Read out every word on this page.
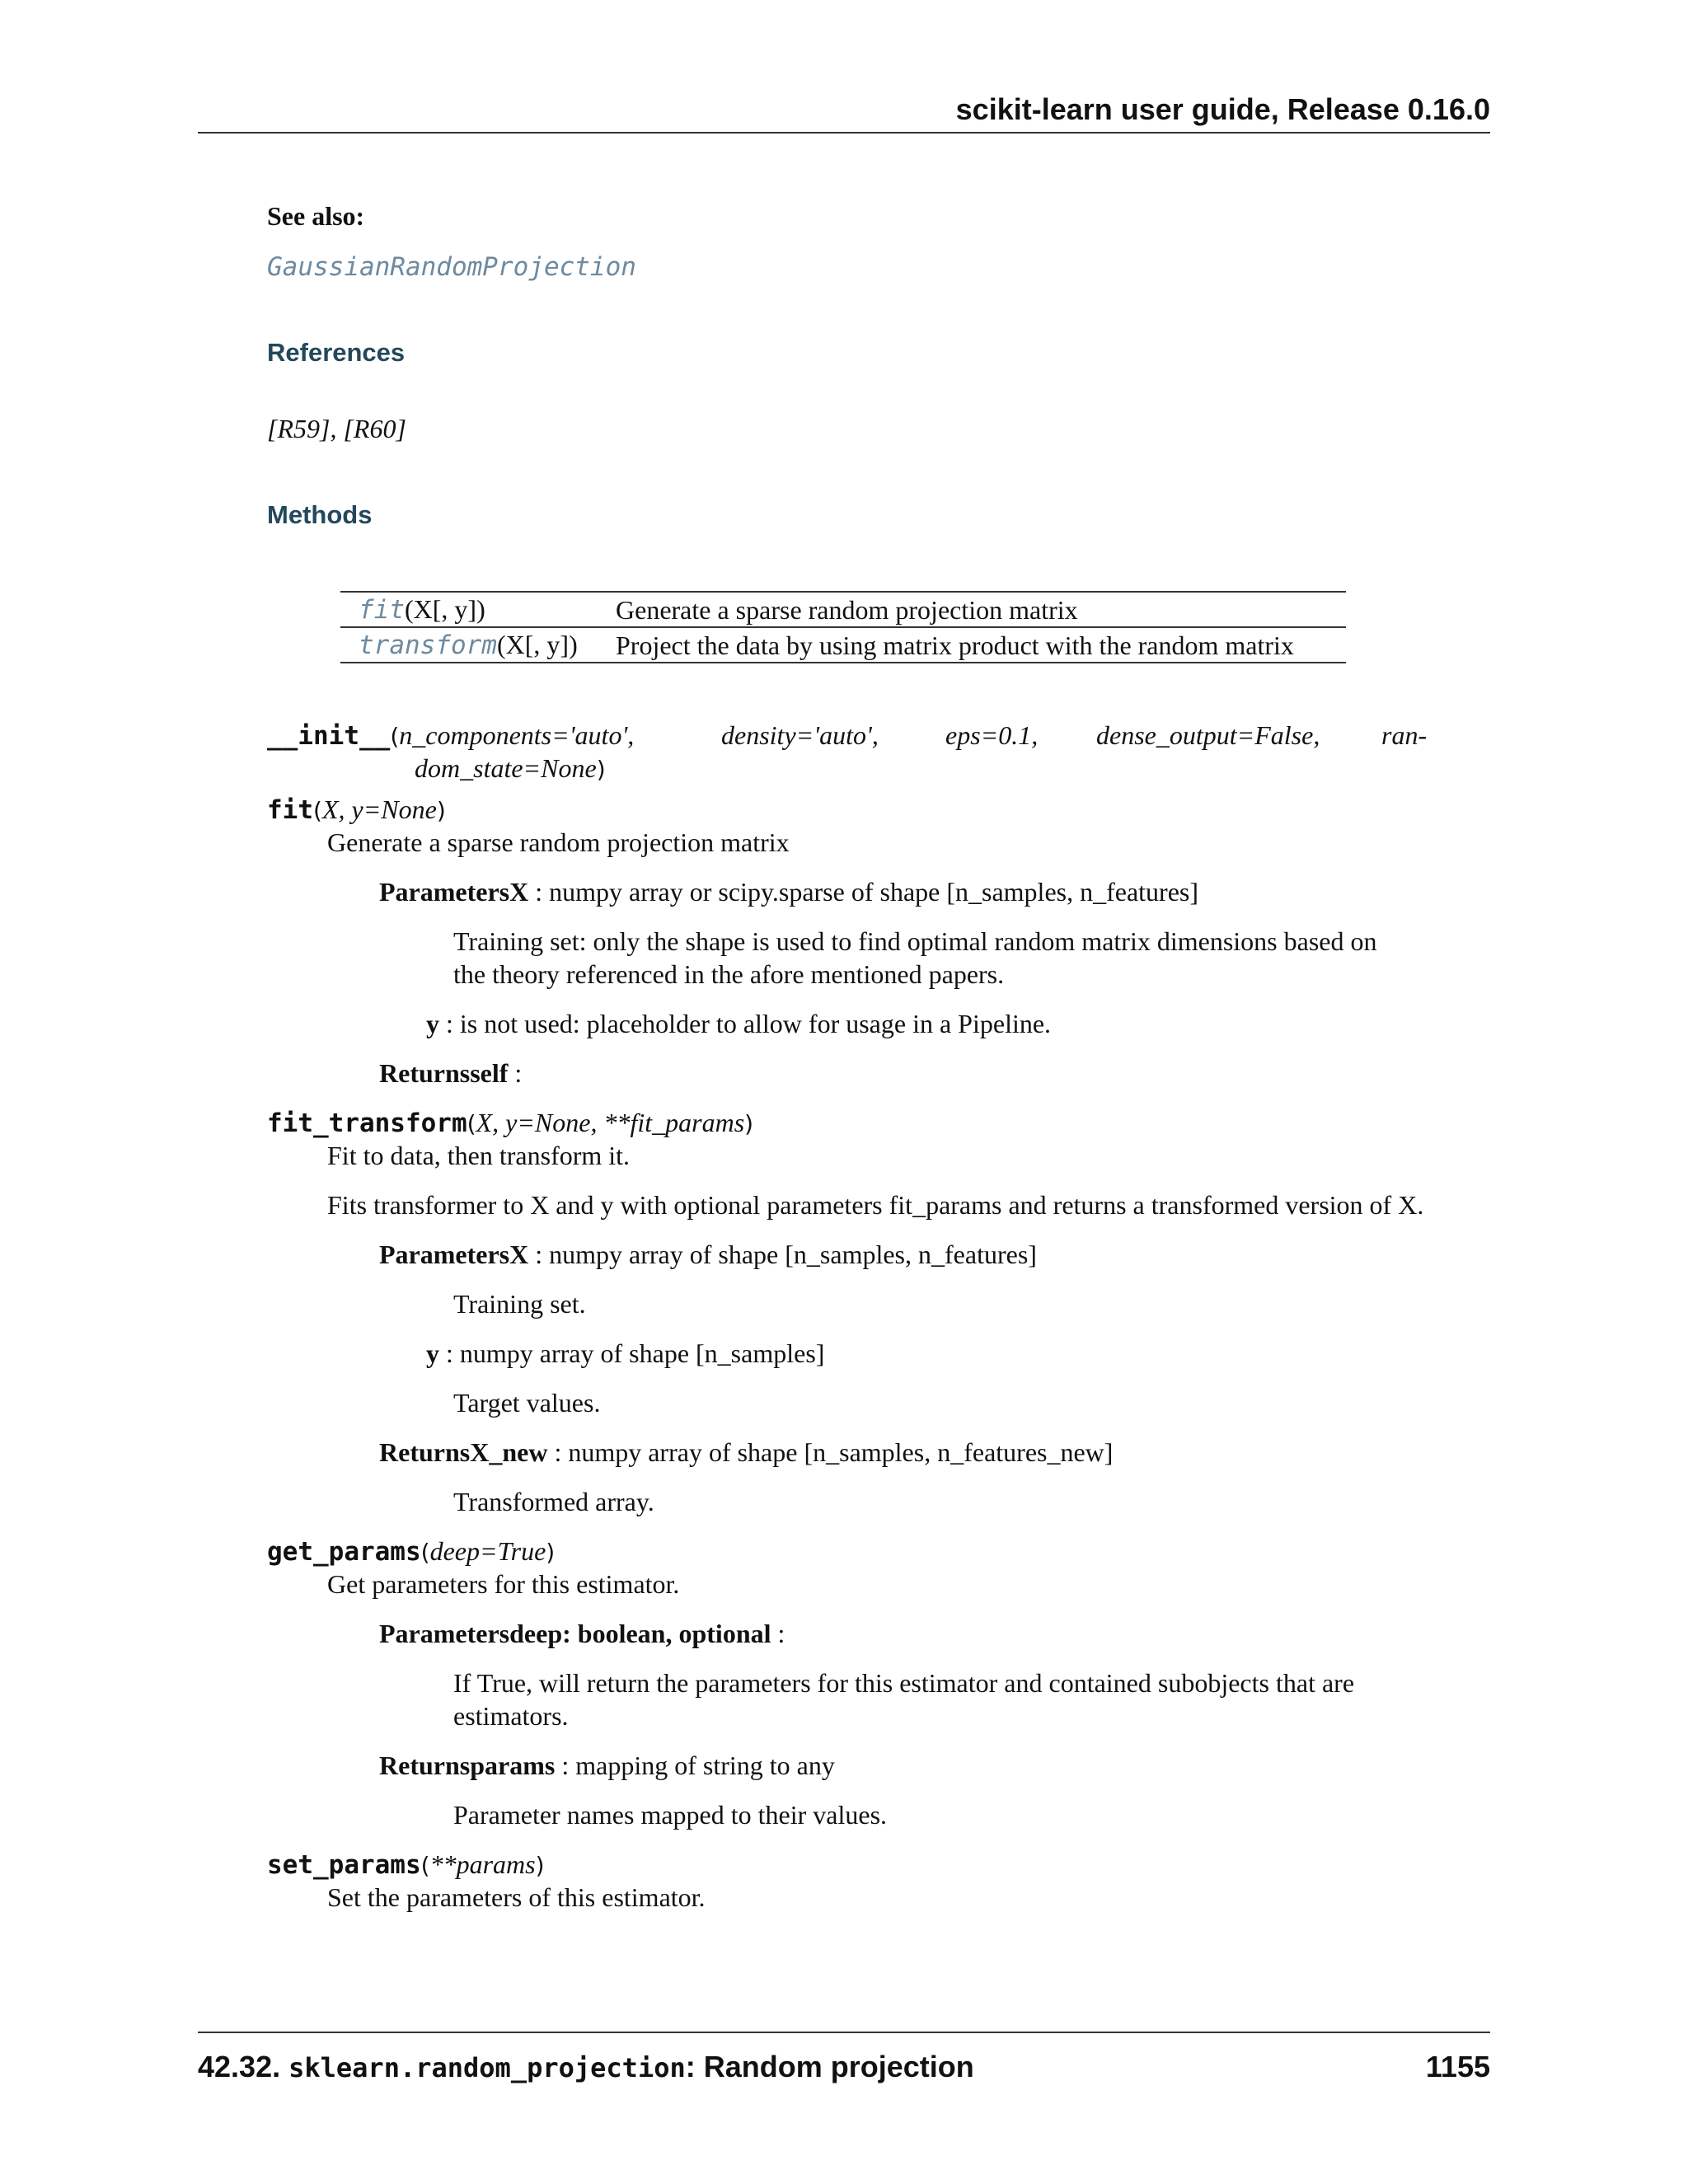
scikit-learn user guide, Release 0.16.0
See also:
GaussianRandomProjection
References
[R59], [R60]
Methods
fit(X[, y])	Generate a sparse random projection matrix
transform(X[, y])	Project the data by using matrix product with the random matrix
__init__(n_components='auto',	density='auto',	eps=0.1, dense_output=False, ran-
dom_state=None)
fit(X, y=None)
Generate a sparse random projection matrix
ParametersX : numpy array or scipy.sparse of shape [n_samples, n_features]
Training set: only the shape is used to find optimal random matrix dimensions based on
the theory referenced in the afore mentioned papers.
y : is not used: placeholder to allow for usage in a Pipeline.
Returnsself :
fit_transform(X, y=None, **fit_params)
Fit to data, then transform it.
Fits transformer to X and y with optional parameters fit_params and returns a transformed version of X.
ParametersX : numpy array of shape [n_samples, n_features]
Training set.
y : numpy array of shape [n_samples]
Target values.
ReturnsX_new : numpy array of shape [n_samples, n_features_new]
Transformed array.
get_params(deep=True)
Get parameters for this estimator.
Parametersdeep: boolean, optional :
If True, will return the parameters for this estimator and contained subobjects that are
estimators.
Returnsparams : mapping of string to any
Parameter names mapped to their values.
set_params(**params)
Set the parameters of this estimator.
42.32. sklearn.random_projection: Random projection	1155
